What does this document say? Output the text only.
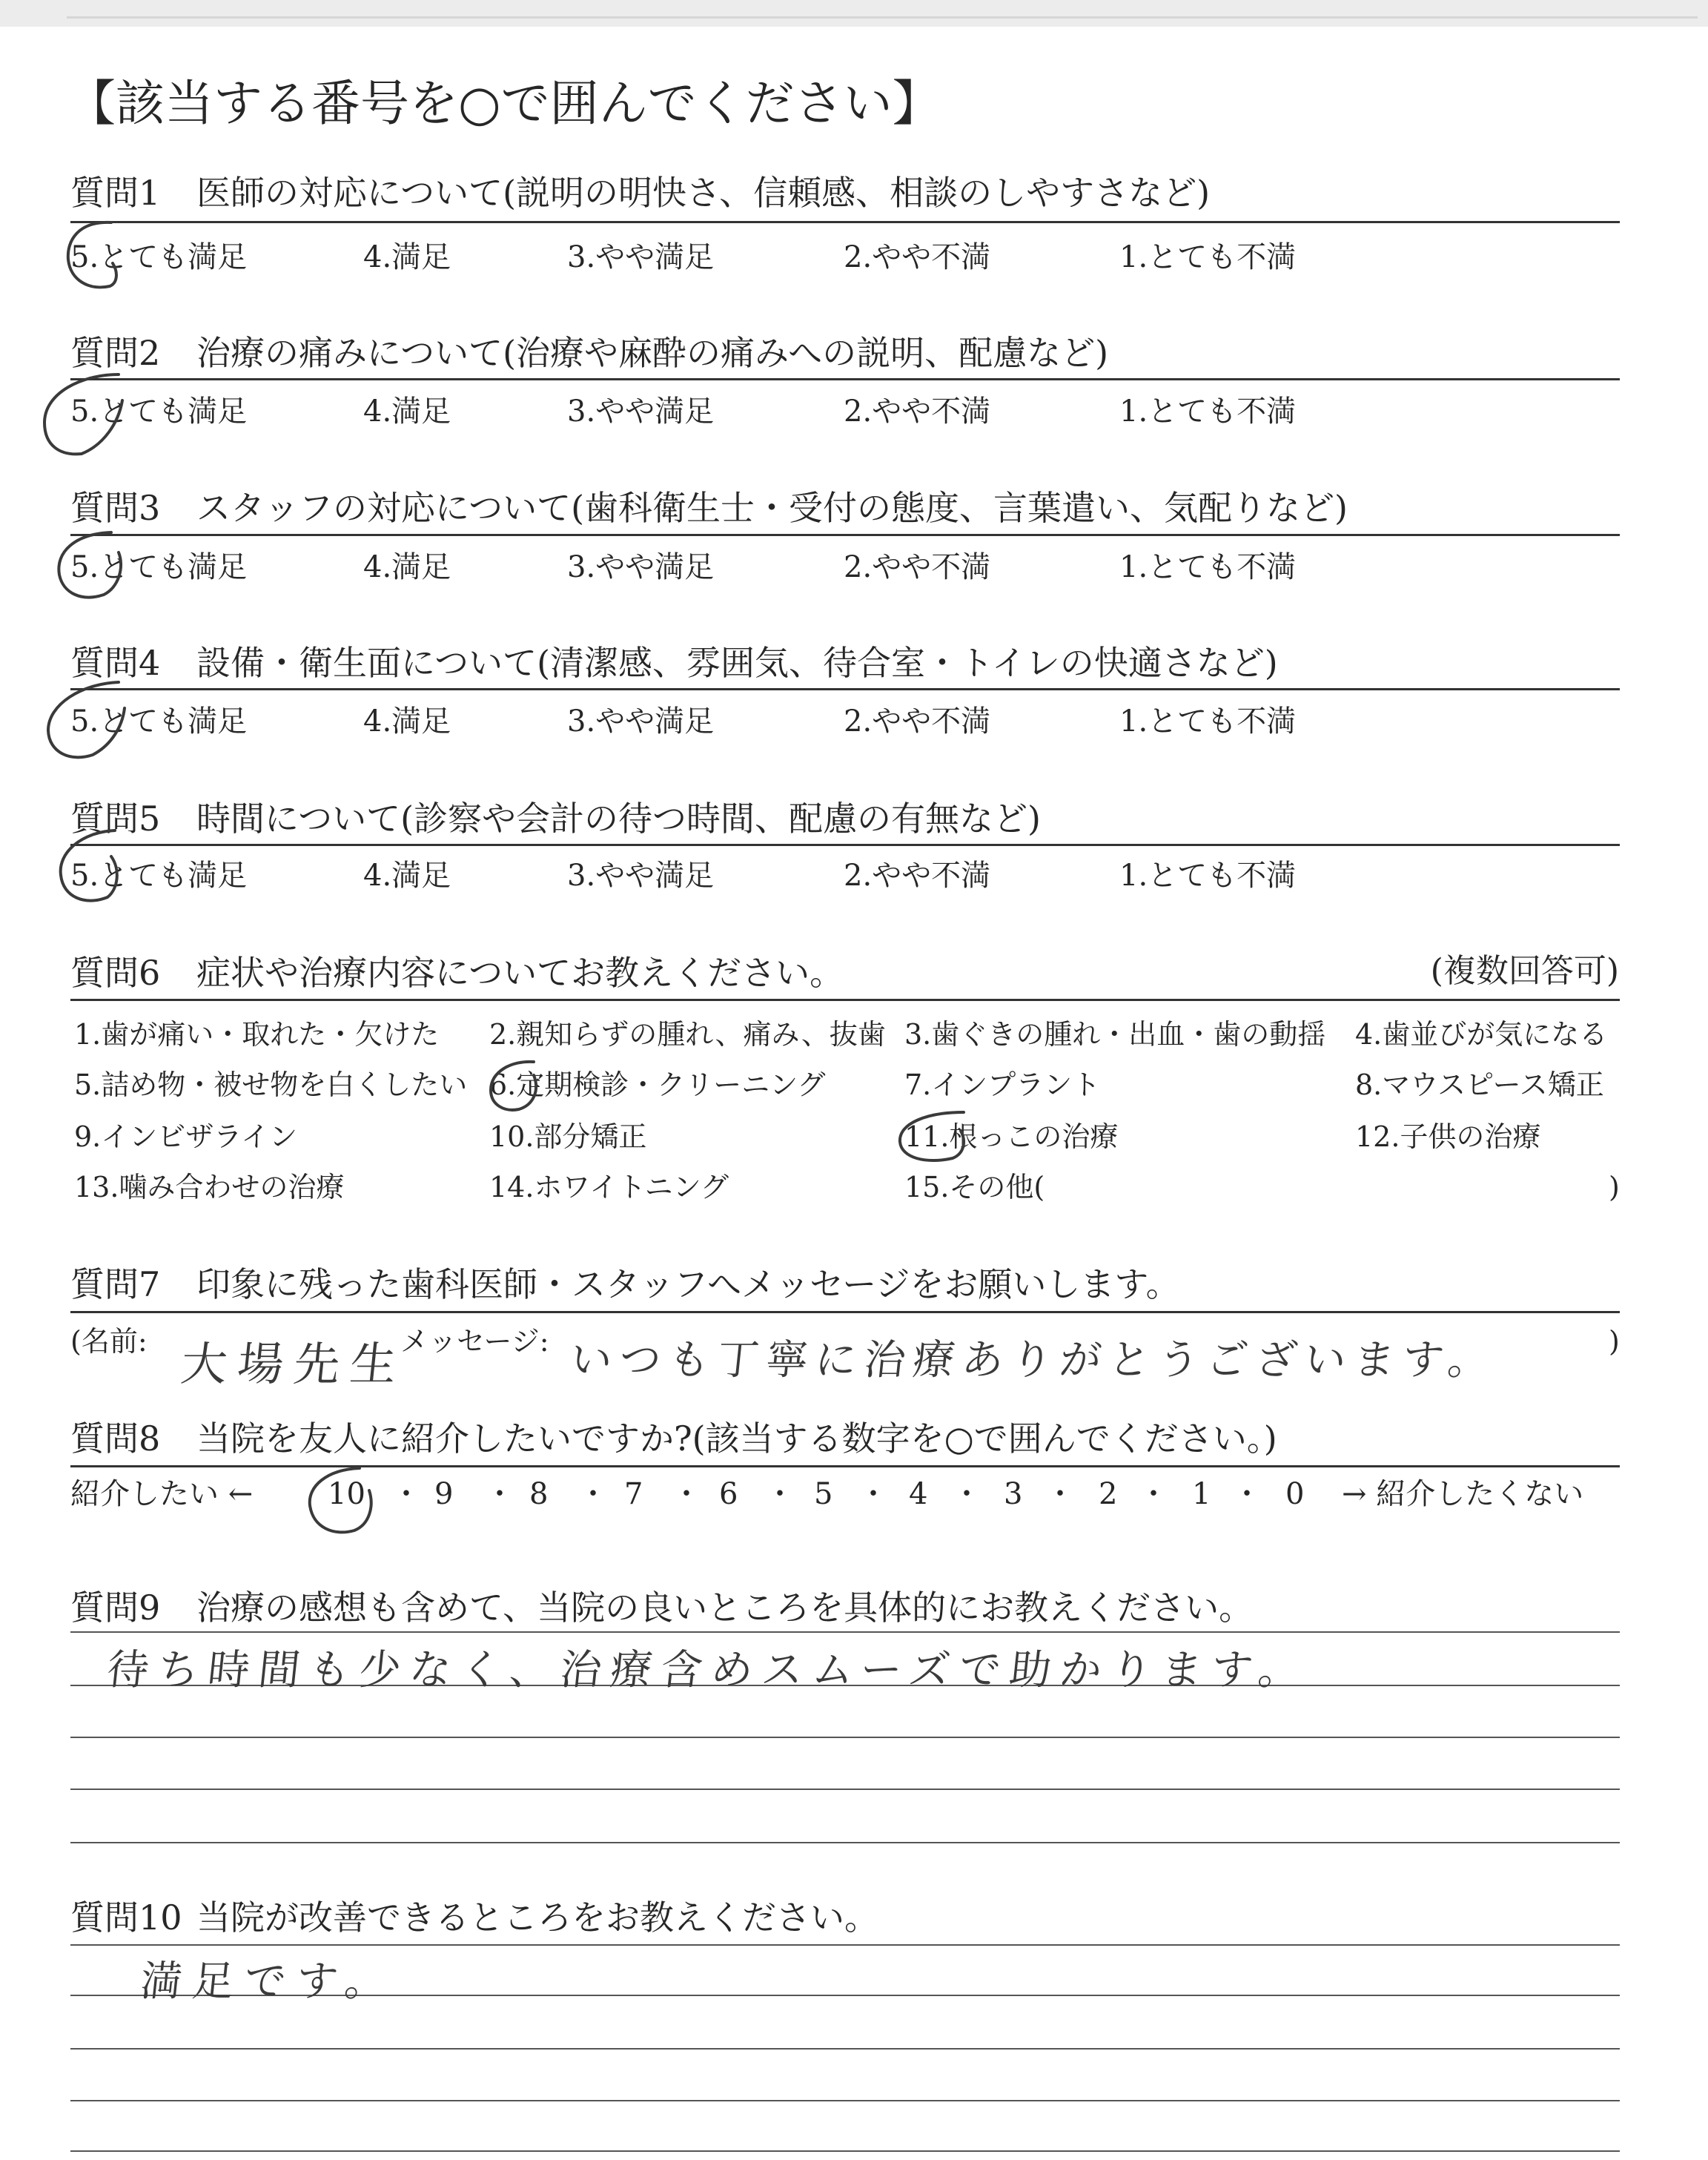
【該当する番号を○で囲んでください】
質問1 医師の対応について(説明の明快さ、信頼感、相談のしやすさなど)
5.とても満足	4.満足	3.やや満足	2.やや不満	1.とても不満
質問2 治療の痛みについて(治療や麻酔の痛みへの説明、配慮など)
5.とても満足	4.満足	3.やや満足	2.やや不満	1.とても不満
質問3 スタッフの対応について(歯科衛生士・受付の態度、言葉遣い、気配りなど)
5.とても満足	4.満足	3.やや満足	2.やや不満	1.とても不満
質問4 設備・衛生面について(清潔感、雰囲気、待合室・トイレの快適さなど)
5.とても満足	4.満足	3.やや満足	2.やや不満	1.とても不満
質問5 時間について(診察や会計の待つ時間、配慮の有無など)
5.とても満足	4.満足	3.やや満足	2.やや不満	1.とても不満
質問6 症状や治療内容についてお教えください。	(複数回答可)
1.歯が痛い・取れた・欠けた 2.親知らずの腫れ、痛み、抜歯 3.歯ぐきの腫れ・出血・歯の動揺 4.歯並びが気になる
5.詰め物・被せ物を白くしたい 6.定期検診・クリーニング	7.インプラント	8.マウスピース矯正
9.インビザライン	10.部分矯正	11.根っこの治療	12.子供の治療
13.噛み合わせの治療	14.ホワイトニング	15.その他(	)
質問7 印象に残った歯科医師・スタッフへメッセージをお願いします。
(名前:	メッセージ:	)
大場先生	いつも丁寧に治療ありがとうございます。
質問8 当院を友人に紹介したいですか?(該当する数字を○で囲んでください。)
紹介したい ←	10 ・ 9 ・ 8 ・ 7 ・ 6 ・ 5 ・ 4 ・ 3 ・ 2 ・ 1 ・ 0 → 紹介したくない
質問9 治療の感想も含めて、当院の良いところを具体的にお教えください。
待ち時間も少なく、治療含めスムーズで助かります。
質問10 当院が改善できるところをお教えください。
満足です。
